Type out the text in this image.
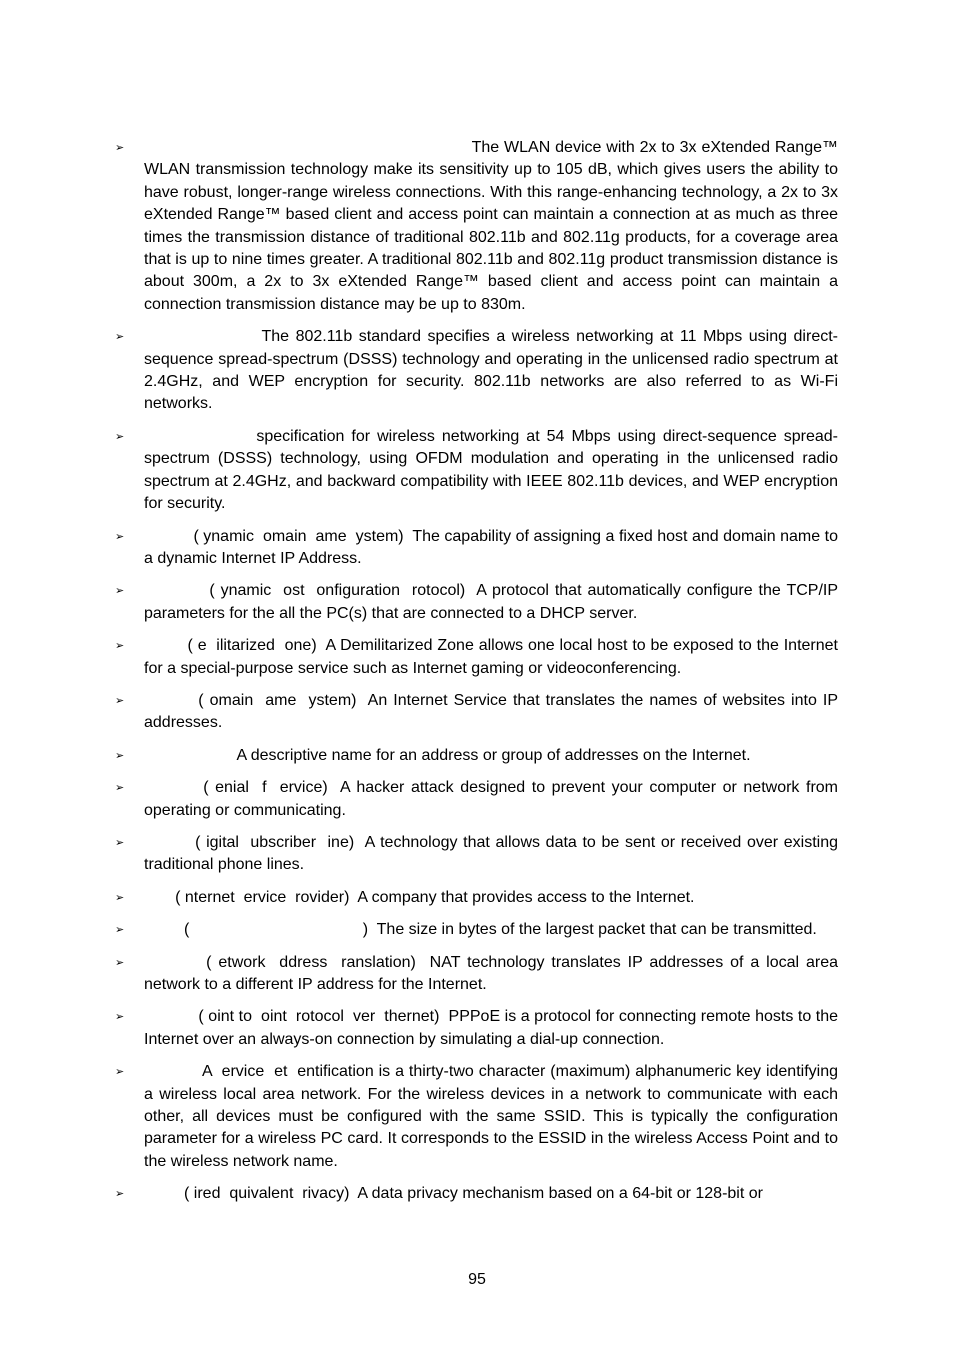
➢	The WLAN device with 2x to 3x eXtended Range™ WLAN transmission technology make its sensitivity up to 105 dB, which gives users the ability to have robust, longer-range wireless connections. With this range-enhancing technology, a 2x to 3x eXtended Range™ based client and access point can maintain a connection at as much as three times the transmission distance of traditional 802.11b and 802.11g products, for a coverage area that is up to nine times greater. A traditional 802.11b and 802.11g product transmission distance is about 300m, a 2x to 3x eXtended Range™ based client and access point can maintain a connection transmission distance may be up to 830m.

➢	The 802.11b standard specifies a wireless networking at 11 Mbps using direct-sequence spread-spectrum (DSSS) technology and operating in the unlicensed radio spectrum at 2.4GHz, and WEP encryption for security. 802.11b networks are also referred to as Wi-Fi networks.

➢	specification for wireless networking at 54 Mbps using direct-sequence spread-spectrum (DSSS) technology, using OFDM modulation and operating in the unlicensed radio spectrum at 2.4GHz, and backward compatibility with IEEE 802.11b devices, and WEP encryption for security.

➢ ( ynamic  omain  ame  ystem)  The capability of assigning a fixed host and domain name to a dynamic Internet IP Address.

➢ ( ynamic  ost  onfiguration  rotocol)  A protocol that automatically configure the TCP/IP parameters for the all the PC(s) that are connected to a DHCP server.

➢ ( e  ilitarized  one)  A Demilitarized Zone allows one local host to be exposed to the Internet for a special-purpose service such as Internet gaming or videoconferencing.

➢ ( omain  ame  ystem)  An Internet Service that translates the names of websites into IP addresses.

➢	A descriptive name for an address or group of addresses on the Internet.

➢ ( enial  f  ervice)  A hacker attack designed to prevent your computer or network from operating or communicating.

➢ ( igital  ubscriber  ine)  A technology that allows data to be sent or received over existing traditional phone lines.

➢ ( nternet  ervice  rovider)  A company that provides access to the Internet.

➢ (                                       )  The size in bytes of the largest packet that can be transmitted.

➢ ( etwork  ddress  ranslation)  NAT technology translates IP addresses of a local area network to a different IP address for the Internet.

➢ ( oint to  oint  rotocol  ver  thernet)  PPPoE is a protocol for connecting remote hosts to the Internet over an always-on connection by simulating a dial-up connection.

➢ A  ervice  et  entification is a thirty-two character (maximum) alphanumeric key identifying a wireless local area network. For the wireless devices in a network to communicate with each other, all devices must be configured with the same SSID. This is typically the configuration parameter for a wireless PC card. It corresponds to the ESSID in the wireless Access Point and to the wireless network name.

➢ ( ired  quivalent  rivacy)  A data privacy mechanism based on a 64-bit or 128-bit or

95
